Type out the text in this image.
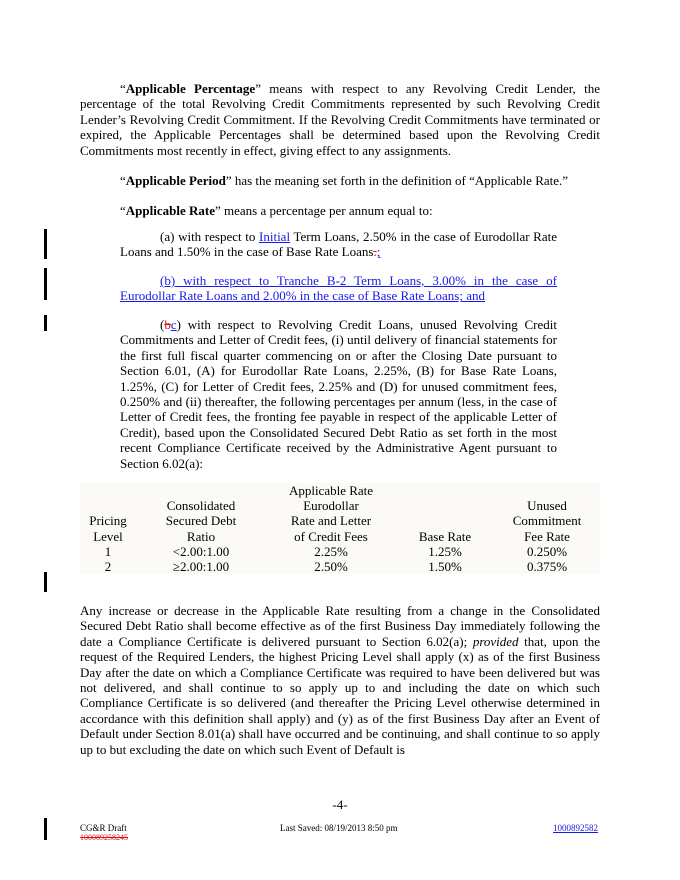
“Applicable Percentage” means with respect to any Revolving Credit Lender, the percentage of the total Revolving Credit Commitments represented by such Revolving Credit Lender’s Revolving Credit Commitment. If the Revolving Credit Commitments have terminated or expired, the Applicable Percentages shall be determined based upon the Revolving Credit Commitments most recently in effect, giving effect to any assignments.

“Applicable Period” has the meaning set forth in the definition of “Applicable Rate.”

“Applicable Rate” means a percentage per annum equal to:

(a) with respect to Initial Term Loans, 2.50% in the case of Eurodollar Rate Loans and 1.50% in the case of Base Rate Loans.;

(b) with respect to Tranche B-2 Term Loans, 3.00% in the case of Eurodollar Rate Loans and 2.00% in the case of Base Rate Loans; and

(bc) with respect to Revolving Credit Loans, unused Revolving Credit Commitments and Letter of Credit fees, (i) until delivery of financial statements for the first full fiscal quarter commencing on or after the Closing Date pursuant to Section 6.01, (A) for Eurodollar Rate Loans, 2.25%, (B) for Base Rate Loans, 1.25%, (C) for Letter of Credit fees, 2.25% and (D) for unused commitment fees, 0.250% and (ii) thereafter, the following percentages per annum (less, in the case of Letter of Credit fees, the fronting fee payable in respect of the applicable Letter of Credit), based upon the Consolidated Secured Debt Ratio as set forth in the most recent Compliance Certificate received by the Administrative Agent pursuant to Section 6.02(a):

		Applicable Rate		
	Consolidated	Eurodollar		Unused
Pricing	Secured Debt	Rate and Letter		Commitment
Level	Ratio	of Credit Fees	Base Rate	Fee Rate
1	<2.00:1.00	2.25%	1.25%	0.250%
2	≥2.00:1.00	2.50%	1.50%	0.375%

Any increase or decrease in the Applicable Rate resulting from a change in the Consolidated Secured Debt Ratio shall become effective as of the first Business Day immediately following the date a Compliance Certificate is delivered pursuant to Section 6.02(a); provided that, upon the request of the Required Lenders, the highest Pricing Level shall apply (x) as of the first Business Day after the date on which a Compliance Certificate was required to have been delivered but was not delivered, and shall continue to so apply up to and including the date on which such Compliance Certificate is so delivered (and thereafter the Pricing Level otherwise determined in accordance with this definition shall apply) and (y) as of the first Business Day after an Event of Default under Section 8.01(a) shall have occurred and be continuing, and shall continue to so apply up to but excluding the date on which such Event of Default is

-4-
CG&R Draft
100089258245
Last Saved: 08/19/2013 8:50 pm	1000892582
